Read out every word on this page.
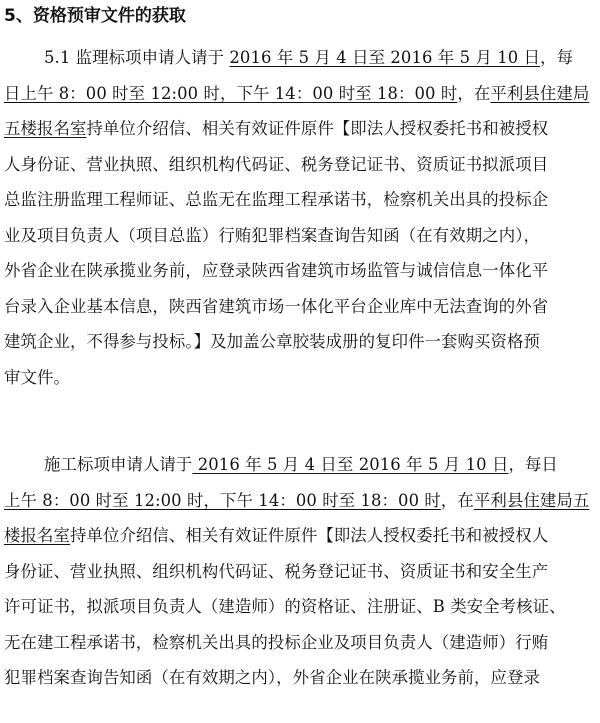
5、资格预审文件的获取
5.1 监理标项申请人请于 2016 年 5 月 4 日至 2016 年 5 月 10 日，每
日上午 8：00 时至 12:00 时，下午 14：00 时至 18：00 时，在平利县住建局
五楼报名室持单位介绍信、相关有效证件原件【即法人授权委托书和被授权
人身份证、营业执照、组织机构代码证、税务登记证书、资质证书拟派项目
总监注册监理工程师证、总监无在监理工程承诺书，检察机关出具的投标企
业及项目负责人（项目总监）行贿犯罪档案查询告知函（在有效期之内），
外省企业在陕承揽业务前，应登录陕西省建筑市场监管与诚信信息一体化平
台录入企业基本信息，陕西省建筑市场一体化平台企业库中无法查询的外省
建筑企业，不得参与投标。】及加盖公章胶装成册的复印件一套购买资格预
审文件。
施工标项申请人请于 2016 年 5 月 4 日至 2016 年 5 月 10 日，每日
上午 8：00 时至 12:00 时，下午 14：00 时至 18：00 时，在平利县住建局五
楼报名室持单位介绍信、相关有效证件原件【即法人授权委托书和被授权人
身份证、营业执照、组织机构代码证、税务登记证书、资质证书和安全生产
许可证书，拟派项目负责人（建造师）的资格证、注册证、B 类安全考核证、
无在建工程承诺书，检察机关出具的投标企业及项目负责人（建造师）行贿
犯罪档案查询告知函（在有效期之内），外省企业在陕承揽业务前，应登录
